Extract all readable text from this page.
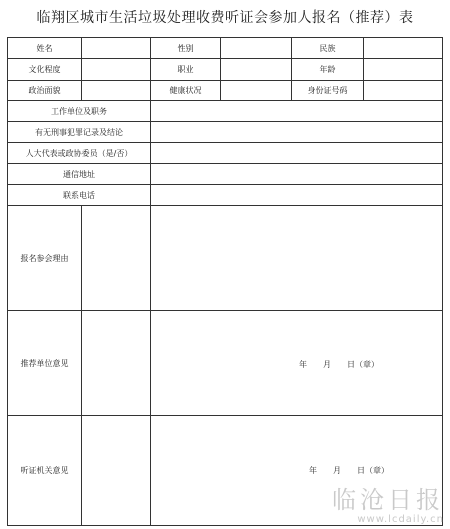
临翔区城市生活垃圾处理收费听证会参加人报名（推荐）表
姓名	性别	民族
文化程度	职业	年龄
政治面貌	健康状况	身份证号码
工作单位及职务
有无刑事犯罪记录及结论
人大代表或政协委员（是/否）
通信地址
联系电话
报名参会理由
推荐单位意见	年　　月　　日（章）
听证机关意见	年　　月　　日（章）
临沧日报
www.lcdaily.cn
